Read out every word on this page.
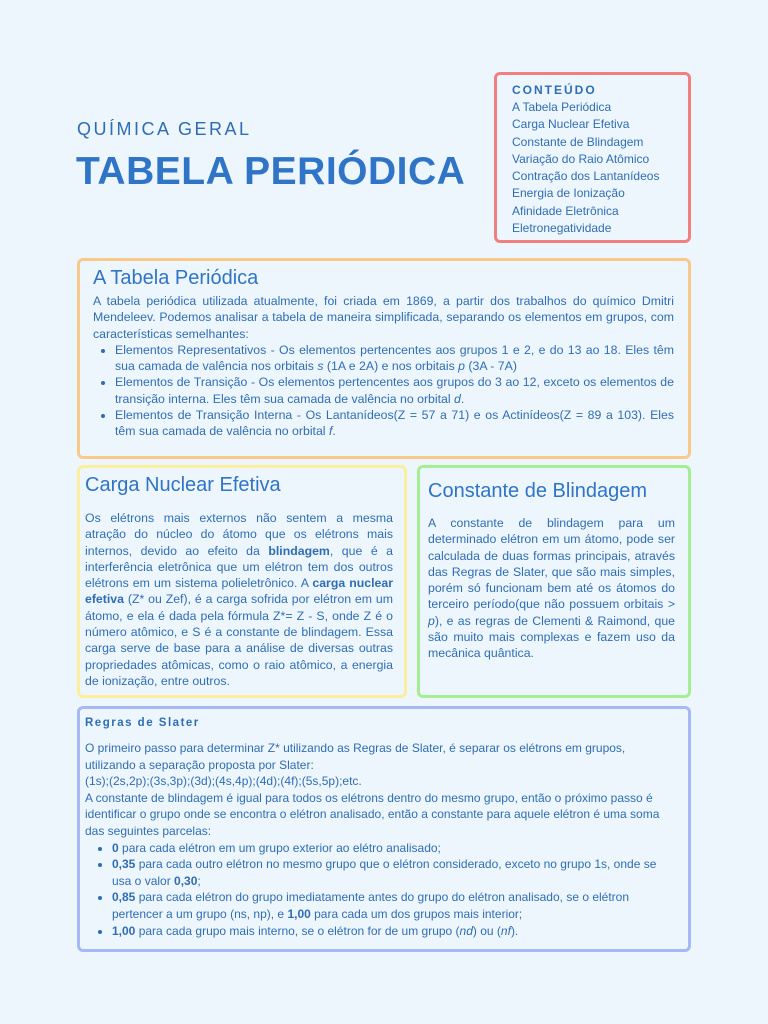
QUÍMICA GERAL
TABELA PERIÓDICA
CONTEÚDO
A Tabela Periódica
Carga Nuclear Efetiva
Constante de Blindagem
Variação do Raio Atômico
Contração dos Lantanídeos
Energia de Ionização
Afinidade Eletrônica
Eletronegatividade
A Tabela Periódica

A tabela periódica utilizada atualmente, foi criada em 1869, a partir dos trabalhos do químico Dmitri Mendeleev. Podemos analisar a tabela de maneira simplificada, separando os elementos em grupos, com características semelhantes:

• Elementos Representativos - Os elementos pertencentes aos grupos 1 e 2, e do 13 ao 18. Eles têm sua camada de valência nos orbitais s (1A e 2A) e nos orbitais p (3A - 7A)
• Elementos de Transição - Os elementos pertencentes aos grupos do 3 ao 12, exceto os elementos de transição interna. Eles têm sua camada de valência no orbital d.
• Elementos de Transição Interna - Os Lantanídeos(Z = 57 a 71) e os Actinídeos(Z = 89 a 103). Eles têm sua camada de valência no orbital f.
Carga Nuclear Efetiva

Os elétrons mais externos não sentem a mesma atração do núcleo do átomo que os elétrons mais internos, devido ao efeito da blindagem, que é a interferência eletrônica que um elétron tem dos outros elétrons em um sistema polieletrônico. A carga nuclear efetiva (Z* ou Zef), é a carga sofrida por elétron em um átomo, e ela é dada pela fórmula Z*= Z - S, onde Z é o número atômico, e S é a constante de blindagem. Essa carga serve de base para a análise de diversas outras propriedades atômicas, como o raio atômico, a energia de ionização, entre outros.

Constante de Blindagem

A constante de blindagem para um determinado elétron em um átomo, pode ser calculada de duas formas principais, através das Regras de Slater, que são mais simples, porém só funcionam bem até os átomos do terceiro período(que não possuem orbitais > p), e as regras de Clementi & Raimond, que são muito mais complexas e fazem uso da mecânica quântica.

Regras de Slater

O primeiro passo para determinar Z* utilizando as Regras de Slater, é separar os elétrons em grupos, utilizando a separação proposta por Slater:

(1s);(2s,2p);(3s,3p);(3d);(4s,4p);(4d);(4f);(5s,5p);etc.

A constante de blindagem é igual para todos os elétrons dentro do mesmo grupo, então o próximo passo é identificar o grupo onde se encontra o elétron analisado, então a constante para aquele elétron é uma soma das seguintes parcelas:

• 0 para cada elétron em um grupo exterior ao elétro analisado;
• 0,35 para cada outro elétron no mesmo grupo que o elétron considerado, exceto no grupo 1s, onde se usa o valor 0,30;
• 0,85 para cada elétron do grupo imediatamente antes do grupo do elétron analisado, se o elétron pertencer a um grupo (ns, np), e 1,00 para cada um dos grupos mais interior;
• 1,00 para cada grupo mais interno, se o elétron for de um grupo (nd) ou (nf).
